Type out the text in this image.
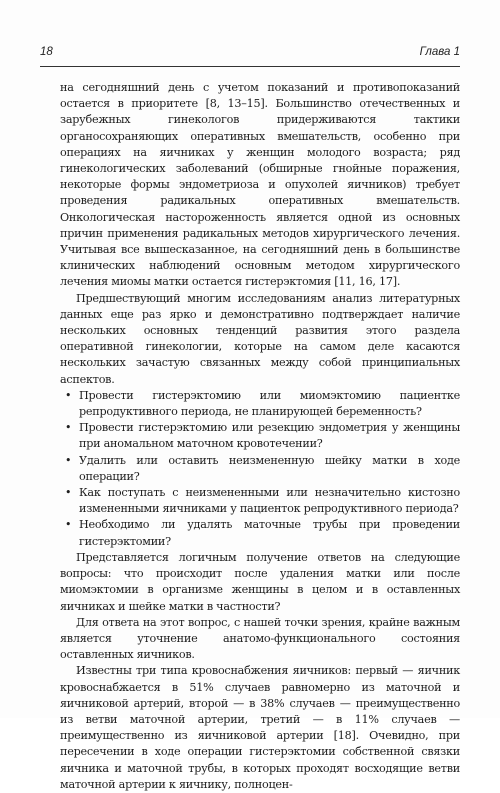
18	Глава 1

на сегодняшний день с учетом показаний и противопоказаний остается в приоритете [8, 13–15]. Большинство отечественных и зарубежных гинекологов придерживаются тактики органосохраняющих оперативных вмешательств, особенно при операциях на яичниках у женщин молодого возраста; ряд гинекологических заболеваний (обширные гнойные поражения, некоторые формы эндометриоза и опухолей яичников) требует проведения радикальных оперативных вмешательств. Онкологическая настороженность является одной из основных причин применения радикальных методов хирургического лечения. Учитывая все вышесказанное, на сегодняшний день в большинстве клинических наблюдений основным методом хирургического лечения миомы матки остается гистерэктомия [11, 16, 17].

Предшествующий многим исследованиям анализ литературных данных еще раз ярко и демонстративно подтверждает наличие нескольких основных тенденций развития этого раздела оперативной гинекологии, которые на самом деле касаются нескольких зачастую связанных между собой принципиальных аспектов.

• Провести гистерэктомию или миомэктомию пациентке репродуктивного периода, не планирующей беременность?
• Провести гистерэктомию или резекцию эндометрия у женщины при аномальном маточном кровотечении?
• Удалить или оставить неизмененную шейку матки в ходе операции?
• Как поступать с неизмененными или незначительно кистозно измененными яичниками у пациенток репродуктивного периода?
• Необходимо ли удалять маточные трубы при проведении гистерэктомии?

Представляется логичным получение ответов на следующие вопросы: что происходит после удаления матки или после миомэктомии в организме женщины в целом и в оставленных яичниках и шейке матки в частности?

Для ответа на этот вопрос, с нашей точки зрения, крайне важным является уточнение анатомо-функционального состояния оставленных яичников.

Известны три типа кровоснабжения яичников: первый — яичник кровоснабжается в 51% случаев равномерно из маточной и яичниковой артерий, второй — в 38% случаев — преимущественно из ветви маточной артерии, третий — в 11% случаев — преимущественно из яичниковой артерии [18]. Очевидно, при пересечении в ходе операции гистерэктомии собственной связки яичника и маточной трубы, в которых проходят восходящие ветви маточной артерии к яичнику, полноцен-
